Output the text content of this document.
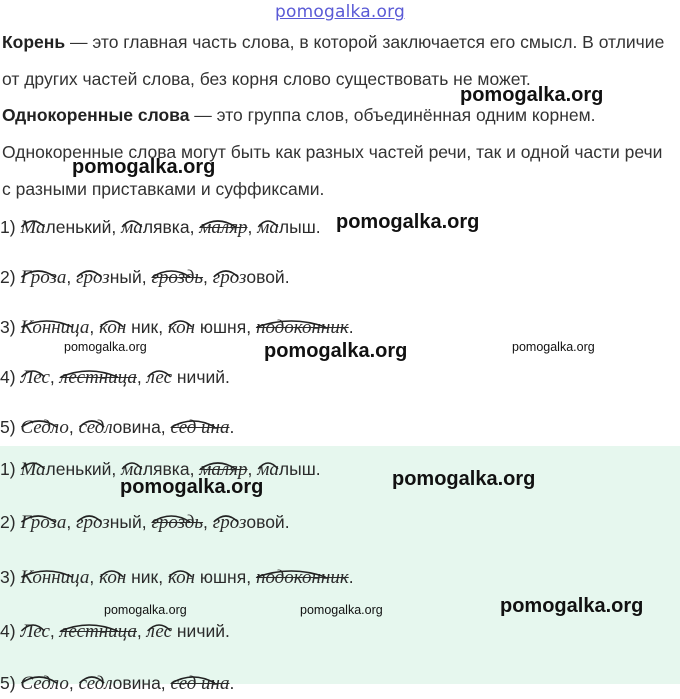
pomogalka.org
Корень — это главная часть слова, в которой заключается его смысл. В отличие от других частей слова, без корня слово существовать не может.
Однокоренные слова — это группа слов, объединённая одним корнем.
Однокоренные слова могут быть как разных частей речи, так и одной части речи с разными приставками и суффиксами.
1) Маленький, малявка, маляр, малыш.
2) Гроза, грозный, гроздь, грозовой.
3) Конница, кон ник, кон юшня, подоконник.
4) Лес, лестница, лес ничий.
5) Седло, седловина, сед ина.
1) Маленький, малявка, маляр, малыш.
2) Гроза, грозный, гроздь, грозовой.
3) Конница, кон ник, кон юшня, подоконник.
4) Лес, лестница, лес ничий.
5) Седло, седловина, сед ина.
pomogalka.org
pomogalka.org
pomogalka.org
pomogalka.org	pomogalka.org	pomogalka.org
pomogalka.org
pomogalka.org
pomogalka.org	pomogalka.org	pomogalka.org
